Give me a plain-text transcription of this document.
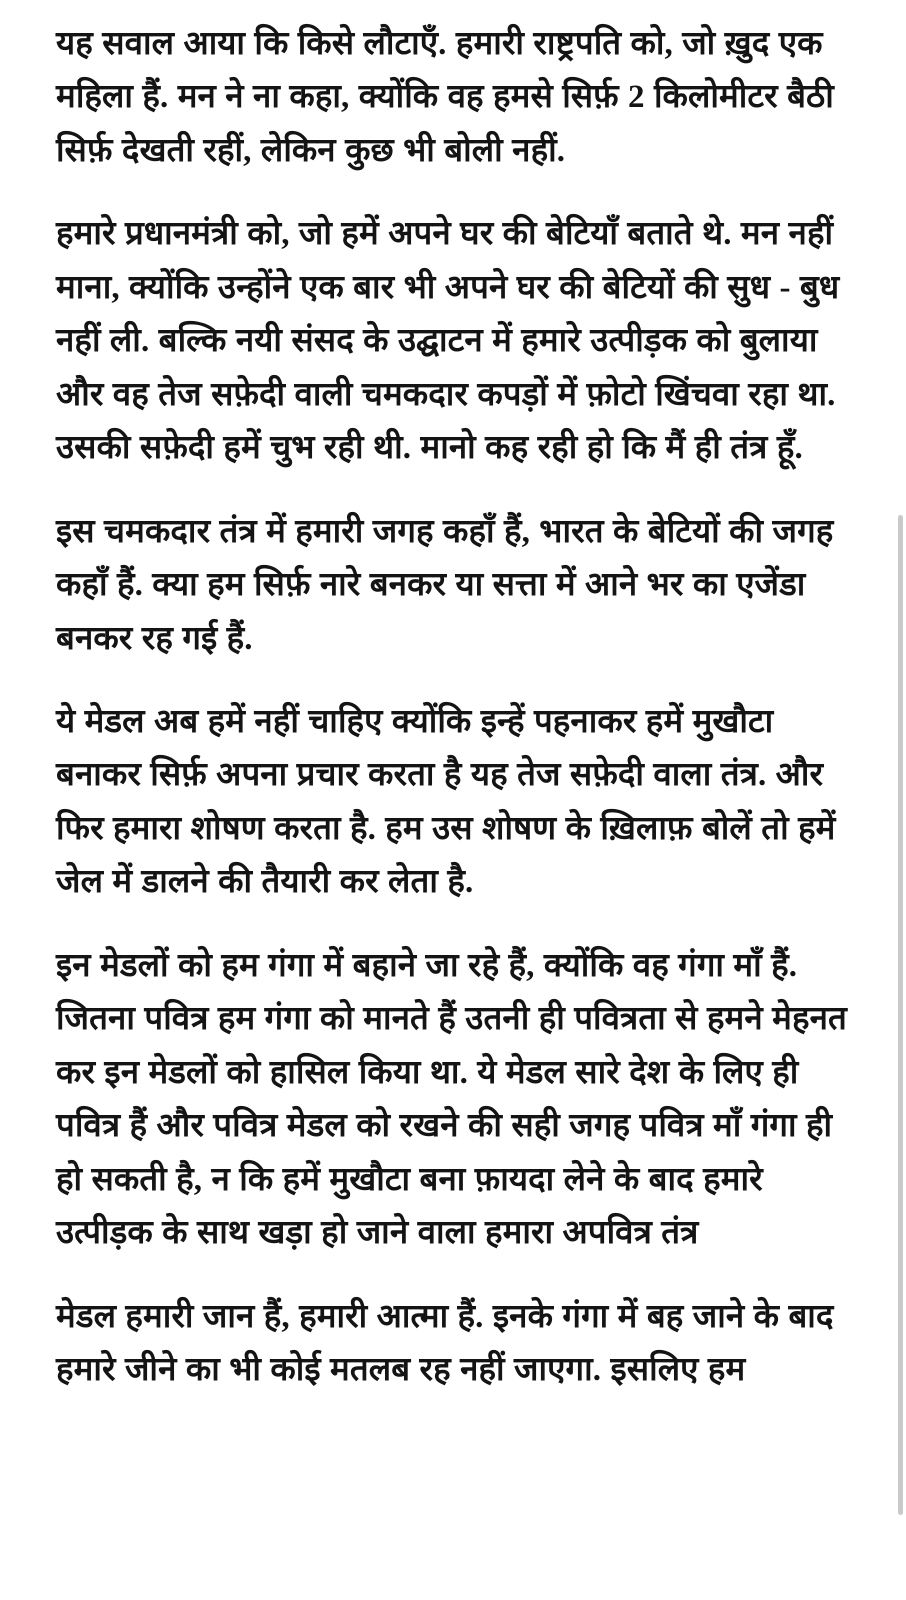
यह सवाल आया कि किसे लौटाएँ. हमारी राष्ट्रपति को, जो ख़ुद एक महिला हैं. मन ने ना कहा, क्योंकि वह हमसे सिर्फ़ 2 किलोमीटर बैठी सिर्फ़ देखती रहीं, लेकिन कुछ भी बोली नहीं.

हमारे प्रधानमंत्री को, जो हमें अपने घर की बेटियाँ बताते थे. मन नहीं माना, क्योंकि उन्होंने एक बार भी अपने घर की बेटियों की सुध - बुध नहीं ली. बल्कि नयी संसद के उद्घाटन में हमारे उत्पीड़क को बुलाया और वह तेज सफ़ेदी वाली चमकदार कपड़ों में फ़ोटो खिंचवा रहा था. उसकी सफ़ेदी हमें चुभ रही थी. मानो कह रही हो कि मैं ही तंत्र हूँ.

इस चमकदार तंत्र में हमारी जगह कहाँ हैं, भारत के बेटियों की जगह कहाँ हैं. क्या हम सिर्फ़ नारे बनकर या सत्ता में आने भर का एजेंडा बनकर रह गई हैं.

ये मेडल अब हमें नहीं चाहिए क्योंकि इन्हें पहनाकर हमें मुखौटा बनाकर सिर्फ़ अपना प्रचार करता है यह तेज सफ़ेदी वाला तंत्र. और फिर हमारा शोषण करता है. हम उस शोषण के ख़िलाफ़ बोलें तो हमें जेल में डालने की तैयारी कर लेता है.

इन मेडलों को हम गंगा में बहाने जा रहे हैं, क्योंकि वह गंगा माँ हैं. जितना पवित्र हम गंगा को मानते हैं उतनी ही पवित्रता से हमने मेहनत कर इन मेडलों को हासिल किया था. ये मेडल सारे देश के लिए ही पवित्र हैं और पवित्र मेडल को रखने की सही जगह पवित्र माँ गंगा ही हो सकती है, न कि हमें मुखौटा बना फ़ायदा लेने के बाद हमारे उत्पीड़क के साथ खड़ा हो जाने वाला हमारा अपवित्र तंत्र

मेडल हमारी जान हैं, हमारी आत्मा हैं. इनके गंगा में बह जाने के बाद हमारे जीने का भी कोई मतलब रह नहीं जाएगा. इसलिए हम
